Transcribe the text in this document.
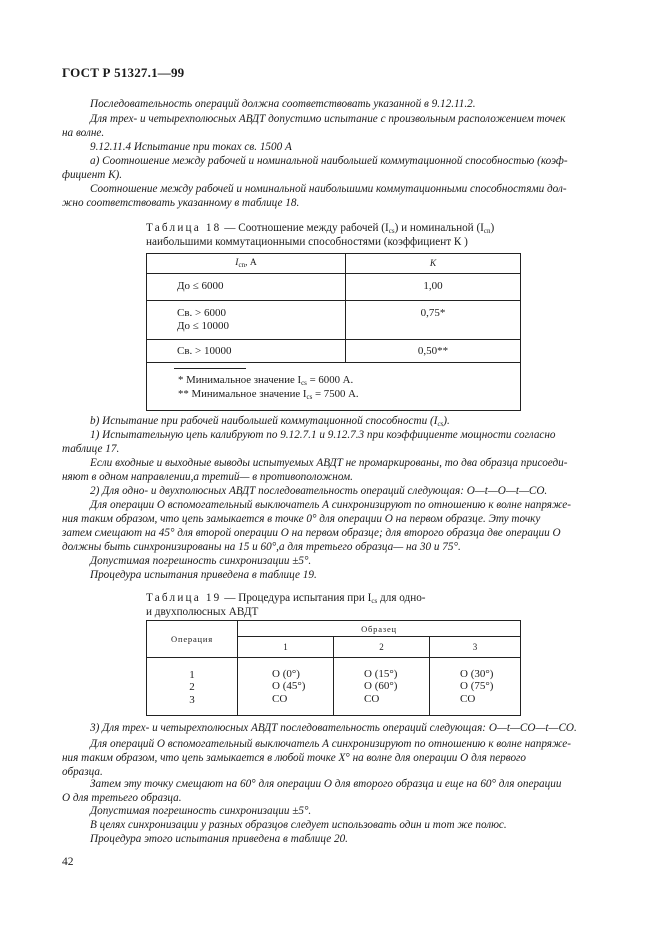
ГОСТ Р 51327.1—99
Последовательность операций должна соответствовать указанной в 9.12.11.2.
Для трех- и четырехполюсных АВДТ допустимо испытание с произвольным расположением точек
на волне.
9.12.11.4 Испытание при токах св. 1500 А
а) Соотношение между рабочей и номинальной наибольшей коммутационной способностью (коэф-
фициент К).
Соотношение между рабочей и номинальной наибольшими коммутационными способностями дол-
жно соответствовать указанному в таблице 18.
Таблица 18 — Соотношение между рабочей $(I_{cs})$ и номинальной $(I_{cn})$
наибольшими коммутационными способностями (коэффициент К )
$I_{cn}$, А	К
До ≤ 6000	1,00
Св. > 6000
До ≤ 10000	0,75*
Св. > 10000	0,50**

* Минимальное значение $I_{cs} = 6000$ А.
** Минимальное значение $I_{cs} = 7500$ А.
b) Испытание при рабочей наибольшей коммутационной способности $(I_{cs})$.
1) Испытательную цепь калибруют по 9.12.7.1 и 9.12.7.3 при коэффициенте мощности согласно
таблице 17.
Если входные и выходные выводы испытуемых АВДТ не промаркированы, то два образца присоеди-
няют в одном направлении,а третий— в противоположном.
2) Для одно- и двухполюсных АВДТ последовательность операций следующая: О—t—О—t—СО.
Для операции О вспомогательный выключатель А синхронизируют по отношению к волне напряже-
ния таким образом, что цепь замыкается в точке 0° для операции О на первом образце. Эту точку
затем смещают на 45° для второй операции О на первом образце; для второго образца две операции О
должны быть синхронизированы на 15 и 60°,а для третьего образца— на 30 и 75°.
Допустимая погрешность синхронизации ±5°.
Процедура испытания приведена в таблице 19.
Таблица 19 — Процедура испытания при $I_{cs}$ для одно-
и двухполюсных АВДТ
Операция	Образец		
	1	2	3
1
2
3	О (0°)
О (45°)
СО	О (15°)
О (60°)
СО	О (30°)
О (75°)
СО
3) Для трех- и четырехполюсных АВДТ последовательность операций следующая: О—t—СО—t—СО.
Для операций О вспомогательный выключатель А синхронизируют по отношению к волне напряже-
ния таким образом, что цепь замыкается в любой точке X° на волне для операции О для первого
образца.
Затем эту точку смещают на 60° для операции О для второго образца и еще на 60° для операции
О для третьего образца.
Допустимая погрешность синхронизации ±5°.
В целях синхронизации у разных образцов следует использовать один и тот же полюс.
Процедура этого испытания приведена в таблице 20.
42
